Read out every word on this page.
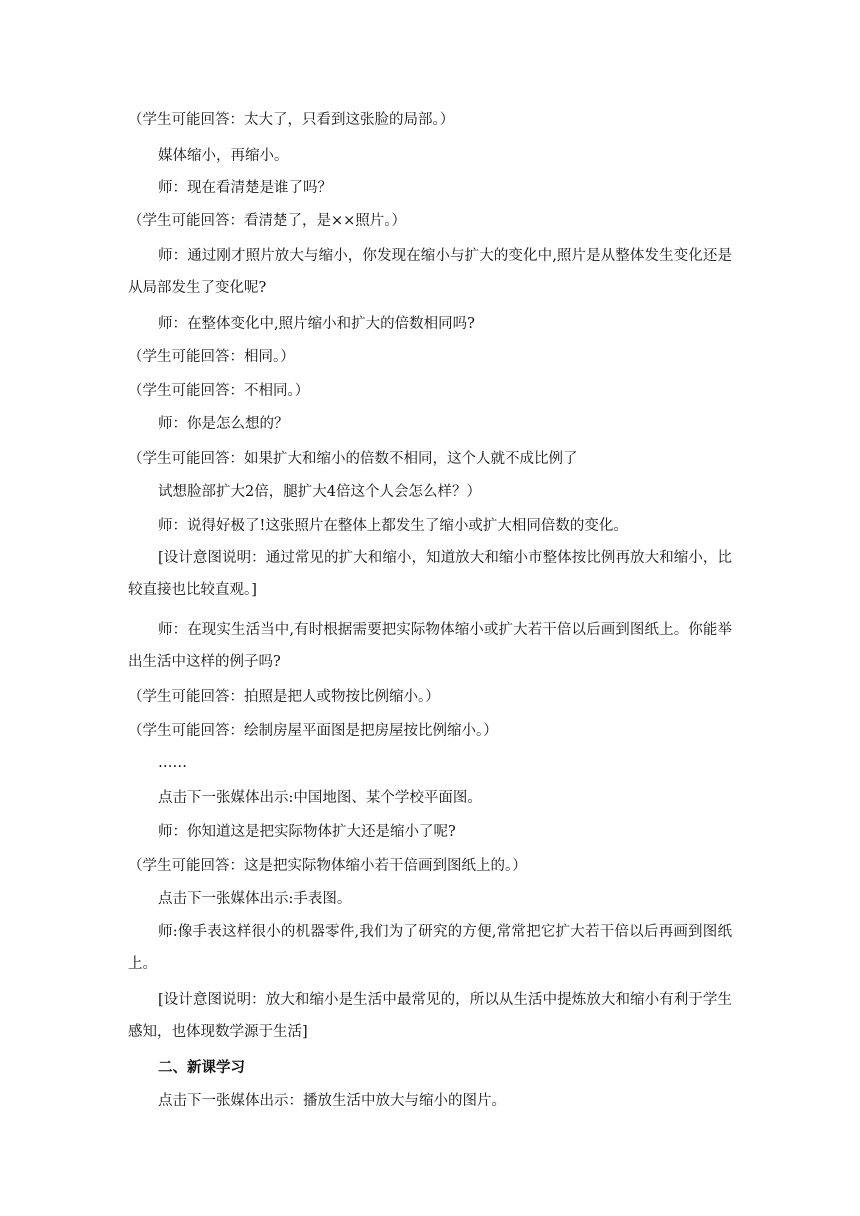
（学生可能回答：太大了，只看到这张脸的局部。）

媒体缩小，再缩小。

师：现在看清楚是谁了吗？

（学生可能回答：看清楚了，是××照片。）

师：通过刚才照片放大与缩小，你发现在缩小与扩大的变化中,照片是从整体发生变化还是从局部发生了变化呢?

师：在整体变化中,照片缩小和扩大的倍数相同吗?

（学生可能回答：相同。）

（学生可能回答：不相同。）

师：你是怎么想的？

（学生可能回答：如果扩大和缩小的倍数不相同，这个人就不成比例了

试想脸部扩大2倍，腿扩大4倍这个人会怎么样？）

师：说得好极了!这张照片在整体上都发生了缩小或扩大相同倍数的变化。

[设计意图说明：通过常见的扩大和缩小，知道放大和缩小市整体按比例再放大和缩小，比较直接也比较直观。]

师：在现实生活当中,有时根据需要把实际物体缩小或扩大若干倍以后画到图纸上。你能举出生活中这样的例子吗?

（学生可能回答：拍照是把人或物按比例缩小。）

（学生可能回答：绘制房屋平面图是把房屋按比例缩小。）

……

点击下一张媒体出示:中国地图、某个学校平面图。

师：你知道这是把实际物体扩大还是缩小了呢?

（学生可能回答：这是把实际物体缩小若干倍画到图纸上的。）

点击下一张媒体出示:手表图。

师:像手表这样很小的机器零件,我们为了研究的方便,常常把它扩大若干倍以后再画到图纸上。

[设计意图说明：放大和缩小是生活中最常见的，所以从生活中提炼放大和缩小有利于学生感知，也体现数学源于生活]

二、新课学习

点击下一张媒体出示：播放生活中放大与缩小的图片。
